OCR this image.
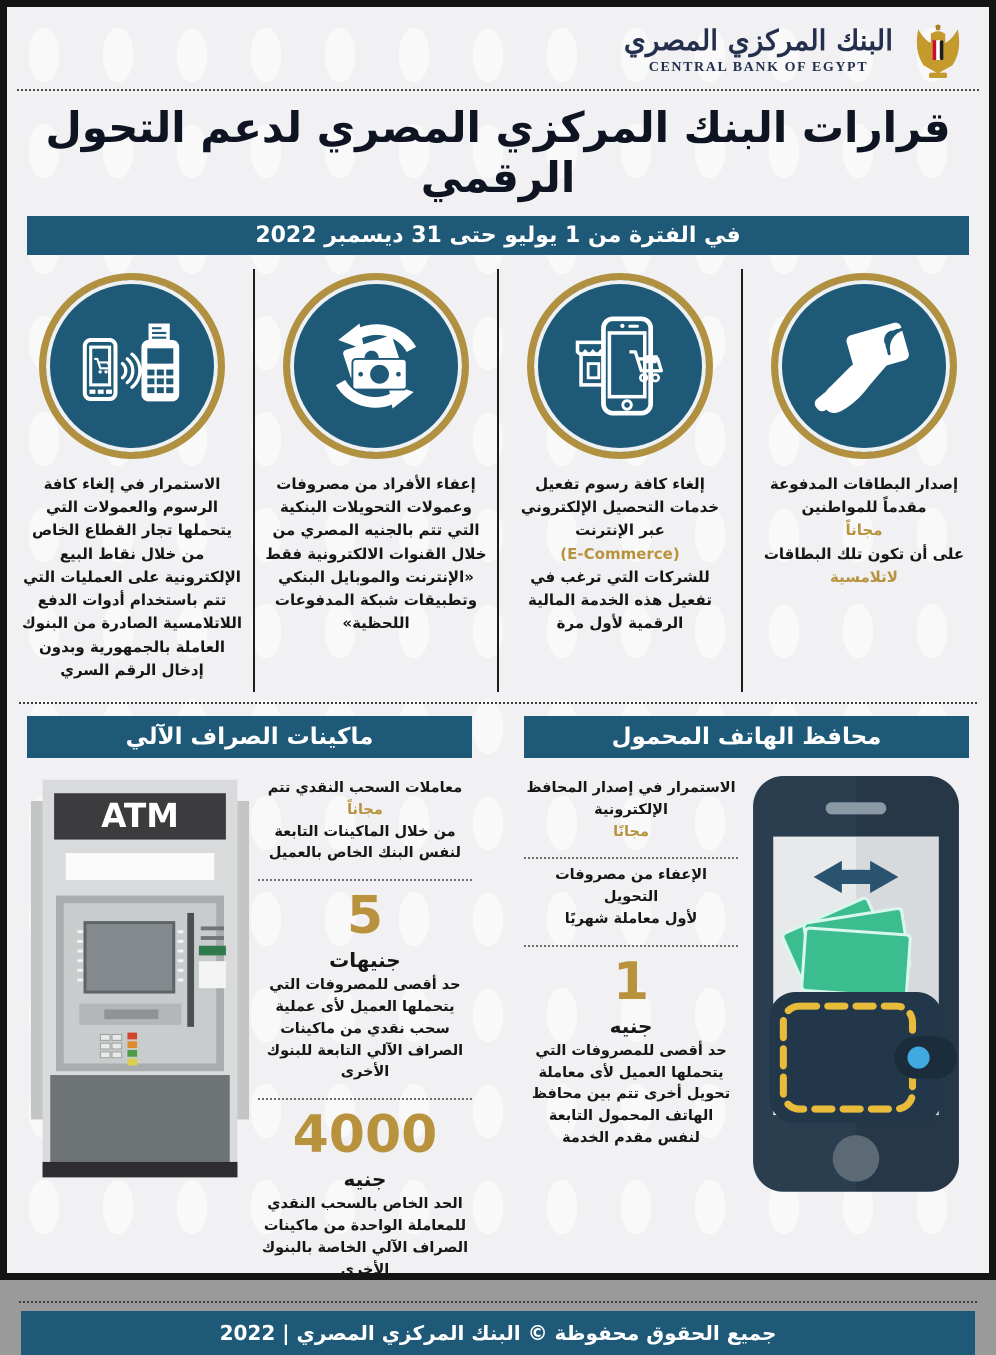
البنك المركزي المصري
CENTRAL BANK OF EGYPT
قرارات البنك المركزي المصري لدعم التحول الرقمي
في الفترة من 1 يوليو حتى 31 ديسمبر 2022
إصدار البطاقات المدفوعة مقدماً للمواطنين
مجاناً
على أن تكون تلك البطاقات
لاتلامسية
إلغاء كافة رسوم تفعيل خدمات التحصيل الإلكتروني عبر الإنترنت
(E-Commerce)
للشركات التي ترغب في تفعيل هذه الخدمة المالية الرقمية لأول مرة
إعفاء الأفراد من مصروفات وعمولات التحويلات البنكية التي تتم بالجنيه المصري من خلال القنوات الالكترونية فقط «الإنترنت والموبايل البنكي وتطبيقات شبكة المدفوعات اللحظية»
الاستمرار في إلغاء كافة الرسوم والعمولات التي يتحملها تجار القطاع الخاص من خلال نقاط البيع الإلكترونية على العمليات التي تتم باستخدام أدوات الدفع اللاتلامسية الصادرة من البنوك العاملة بالجمهورية وبدون إدخال الرقم السري
محافظ الهاتف المحمول
الاستمرار في إصدار المحافظ الإلكترونية
مجانًا
الإعفاء من مصروفات التحويل
لأول معاملة شهريًا
1
جنيه
حد أقصى للمصروفات التي يتحملها العميل لأى معاملة تحويل أخرى تتم بين محافظ الهاتف المحمول التابعة لنفس مقدم الخدمة
ماكينات الصراف الآلي
معاملات السحب النقدي تتم
مجاناً
من خلال الماكينات التابعة لنفس البنك الخاص بالعميل
5
جنيهات
حد أقصى للمصروفات التي يتحملها العميل لأى عملية سحب نقدي من ماكينات الصراف الآلي التابعة للبنوك الأخرى
4000
جنيه
الحد الخاص بالسحب النقدي للمعاملة الواحدة من ماكينات الصراف الآلي الخاصة بالبنوك الأخرى
ATM
جميع الحقوق محفوظة © البنك المركزي المصري | 2022
